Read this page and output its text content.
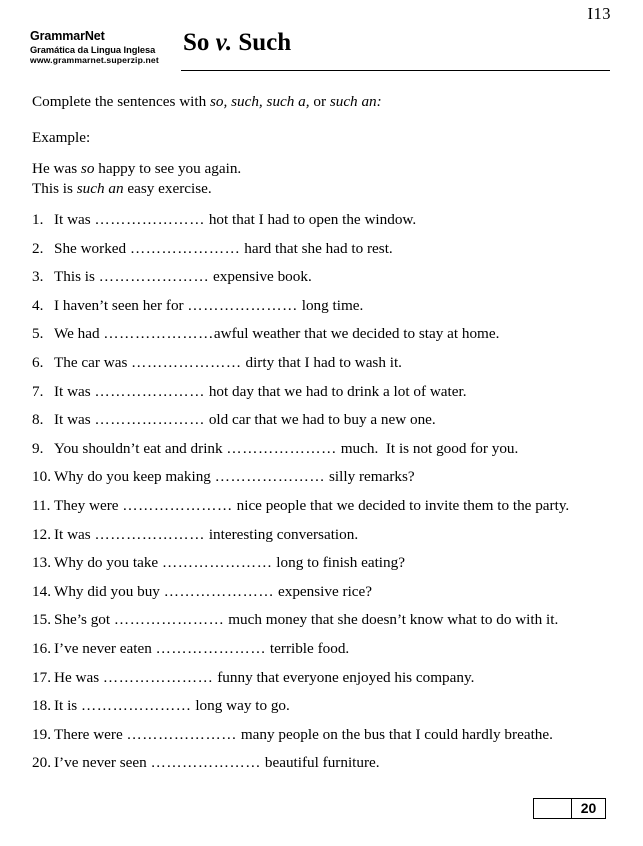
I13
GrammarNet
Gramática da Lingua Inglesa
www.grammarnet.superzip.net
So v. Such
Complete the sentences with so, such, such a, or such an:
Example:
He was so happy to see you again.
This is such an easy exercise.
1. It was ………………… hot that I had to open the window.
2. She worked ………………… hard that she had to rest.
3. This is ………………… expensive book.
4. I haven’t seen her for ………………… long time.
5. We had …………………awful weather that we decided to stay at home.
6. The car was ………………… dirty that I had to wash it.
7. It was ………………… hot day that we had to drink a lot of water.
8. It was ………………… old car that we had to buy a new one.
9. You shouldn’t eat and drink ………………… much.  It is not good for you.
10. Why do you keep making ………………… silly remarks?
11. They were ………………… nice people that we decided to invite them to the party.
12. It was ………………… interesting conversation.
13. Why do you take ………………… long to finish eating?
14. Why did you buy ………………… expensive rice?
15. She’s got ………………… much money that she doesn’t know what to do with it.
16. I’ve never eaten ………………… terrible food.
17. He was ………………… funny that everyone enjoyed his company.
18. It is ………………… long way to go.
19. There were ………………… many people on the bus that I could hardly breathe.
20. I’ve never seen ………………… beautiful furniture.
20
